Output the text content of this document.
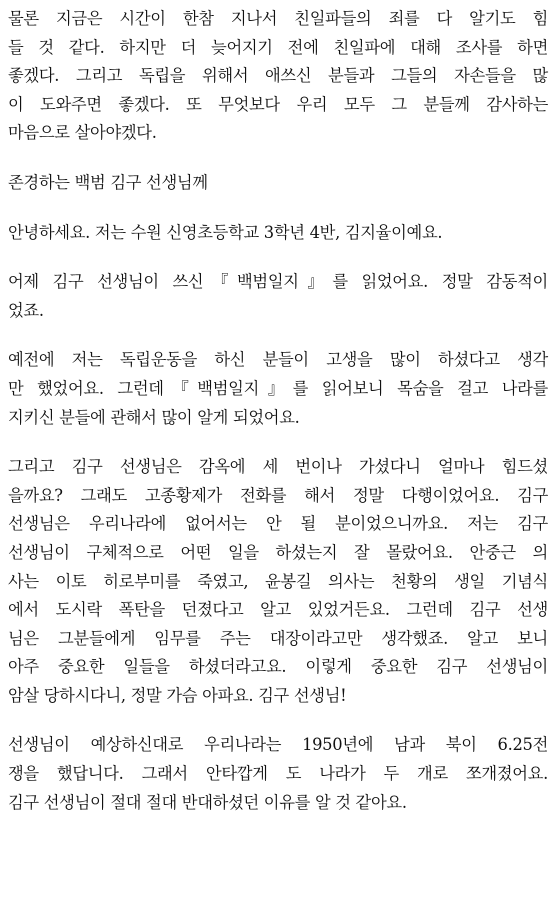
물론 지금은 시간이 한참 지나서 친일파들의 죄를 다 알기도 힘
들 것 같다. 하지만 더 늦어지기 전에 친일파에 대해 조사를 하면
좋겠다. 그리고 독립을 위해서 애쓰신 분들과 그들의 자손들을 많
이 도와주면 좋겠다. 또 무엇보다 우리 모두 그 분들께 감사하는
마음으로 살아야겠다.
존경하는 백범 김구 선생님께
안녕하세요. 저는 수원 신영초등학교 3학년 4반, 김지율이예요.
어제 김구 선생님이 쓰신『백범일지』를 읽었어요. 정말 감동적이
었죠.
예전에 저는 독립운동을 하신 분들이 고생을 많이 하셨다고 생각
만 했었어요. 그런데『백범일지』를 읽어보니 목숨을 걸고 나라를
지키신 분들에 관해서 많이 알게 되었어요.
그리고 김구 선생님은 감옥에 세 번이나 가셨다니 얼마나 힘드셨
을까요? 그래도 고종황제가 전화를 해서 정말 다행이었어요. 김구
선생님은 우리나라에 없어서는 안 될 분이었으니까요. 저는 김구
선생님이 구체적으로 어떤 일을 하셨는지 잘 몰랐어요. 안중근 의
사는 이토 히로부미를 죽였고, 윤봉길 의사는 천황의 생일 기념식
에서 도시락 폭탄을 던졌다고 알고 있었거든요. 그런데 김구 선생
님은 그분들에게 임무를 주는 대장이라고만 생각했죠. 알고 보니
아주 중요한 일들을 하셨더라고요. 이렇게 중요한 김구 선생님이
암살 당하시다니, 정말 가슴 아파요. 김구 선생님!
선생님이 예상하신대로 우리나라는 1950년에 남과 북이 6.25전
쟁을 했답니다. 그래서 안타깝게 도 나라가 두 개로 쪼개졌어요.
김구 선생님이 절대 절대 반대하셨던 이유를 알 것 같아요.
